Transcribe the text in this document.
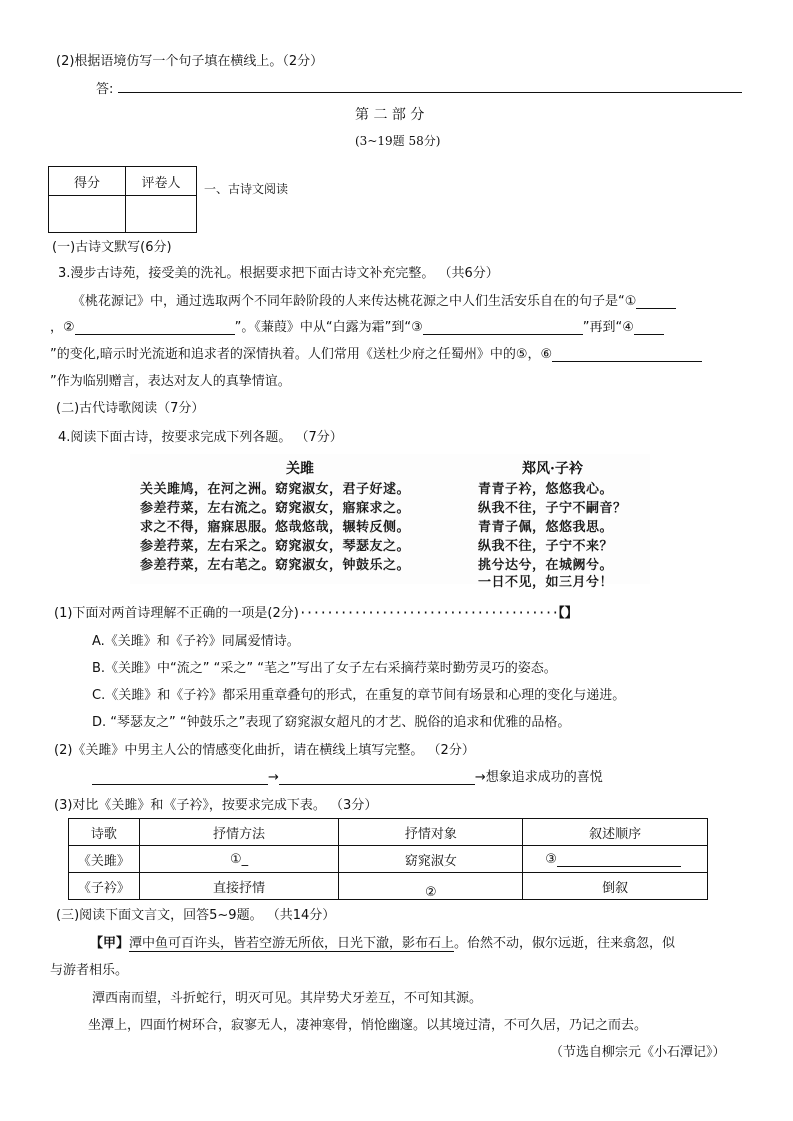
(2)根据语境仿写一个句子填在横线上。（2分）
答:
第 二 部 分
(3~19题 58分)
得分	评卷人
	一、古诗文阅读
(一)古诗文默写(6分)
3.漫步古诗苑，接受美的洗礼。根据要求把下面古诗文补充完整。 （共6分）
《桃花源记》中，通过选取两个不同年龄阶段的人来传达桃花源之中人们生活安乐自在的句子是“①
，②	”。《蒹葭》中从“白露为霜”到“③	”再到“④
”的变化,暗示时光流逝和追求者的深情执着。人们常用《送杜少府之任蜀州》中的⑤，⑥
”作为临别赠言，表达对友人的真挚情谊。
(二)古代诗歌阅读（7分）
4.阅读下面古诗，按要求完成下列各题。 （7分）
关雎
关关雎鸠，在河之洲。窈窕淑女，君子好逑。
参差荇菜，左右流之。窈窕淑女，寤寐求之。
求之不得，寤寐思服。悠哉悠哉，辗转反侧。
参差荇菜，左右采之。窈窕淑女，琴瑟友之。
参差荇菜，左右芼之。窈窕淑女，钟鼓乐之。
郑风·子衿
青青子衿，悠悠我心。
纵我不往，子宁不嗣音？
青青子佩，悠悠我思。
纵我不往，子宁不来？
挑兮达兮，在城阙兮。
一日不见，如三月兮！
(1)下面对两首诗理解不正确的一项是(2分)······································【】
A.《关雎》和《子衿》同属爱情诗。
B.《关雎》中“流之” “采之” “芼之”写出了女子左右采摘荇菜时勤劳灵巧的姿态。
C.《关雎》和《子衿》都采用重章叠句的形式，在重复的章节间有场景和心理的变化与递进。
D. “琴瑟友之” “钟鼓乐之”表现了窈窕淑女超凡的才艺、脱俗的追求和优雅的品格。
(2)《关雎》中男主人公的情感变化曲折，请在横线上填写完整。 （2分）
→	→想象追求成功的喜悦
(3)对比《关雎》和《子衿》，按要求完成下表。 （3分）
诗歌	抒情方法	抒情对象	叙述顺序
《关雎》	①_	窈窕淑女	③
《子衿》	直接抒情	②	倒叙
(三)阅读下面文言文，回答5~9题。 （共14分）
【甲】潭中鱼可百许头，皆若空游无所依，日光下澈，影布石上。佁然不动，俶尔远逝，往来翕忽，似
与游者相乐。
潭西南而望，斗折蛇行，明灭可见。其岸势犬牙差互，不可知其源。
坐潭上，四面竹树环合，寂寥无人，凄神寒骨，悄怆幽邃。以其境过清，不可久居，乃记之而去。
（节选自柳宗元《小石潭记》）
